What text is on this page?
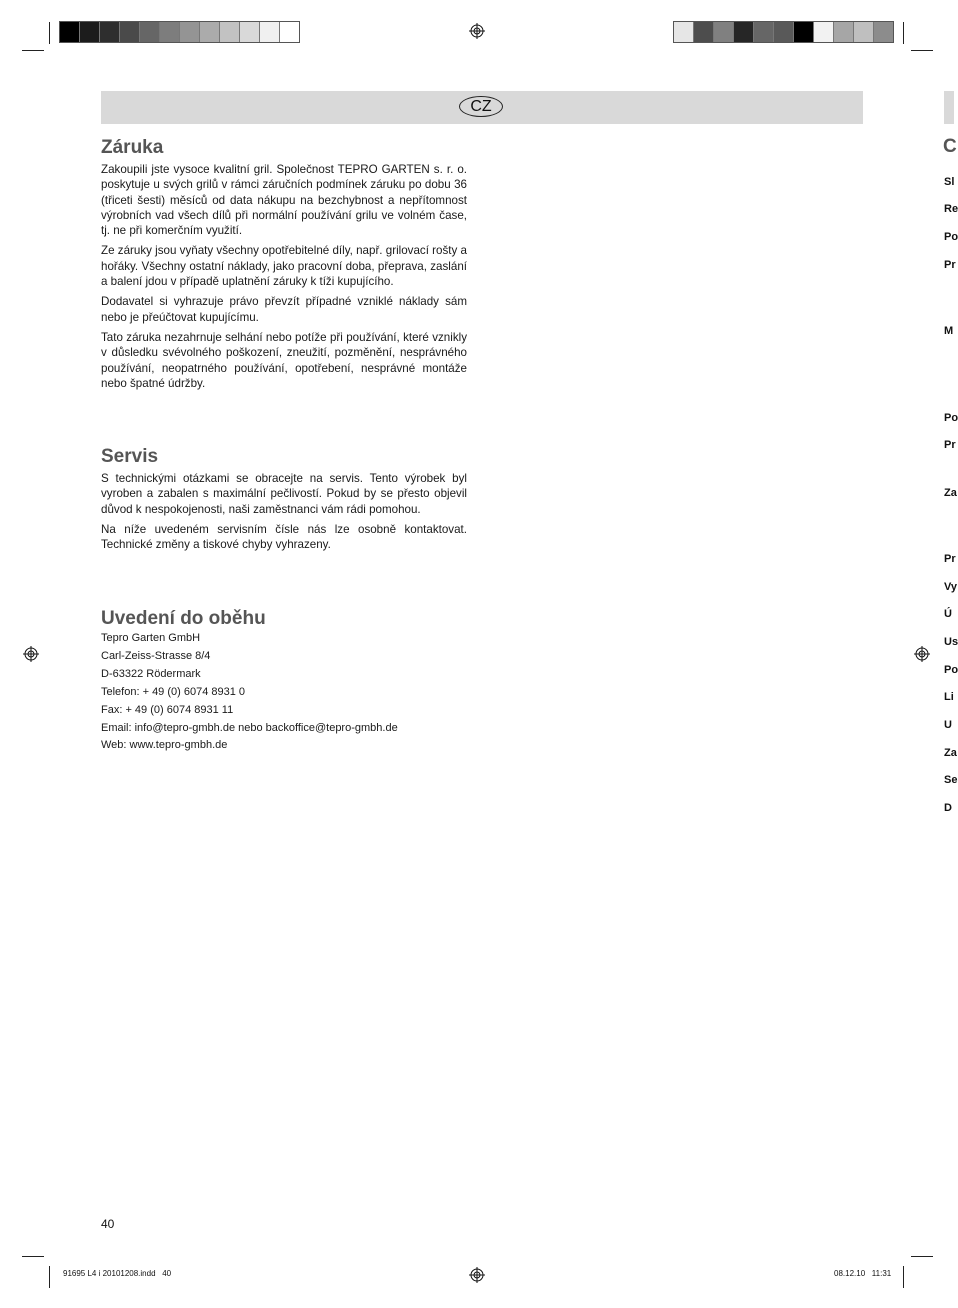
CZ
Záruka

Zakoupili jste vysoce kvalitní gril. Společnost TEPRO GARTEN s. r. o. poskytuje u svých grilů v rámci záručních podmínek záruku po dobu 36 (třiceti šesti) měsíců od data nákupu na bezchybnost a nepřítomnost výrobních vad všech dílů při normální používání grilu ve volném čase, tj. ne při komerčním využití.

Ze záruky jsou vyňaty všechny opotřebitelné díly, např. grilovací rošty a hořáky. Všechny ostatní náklady, jako pracovní doba, přeprava, zaslání a balení jdou v případě uplatnění záruky k tíži kupujícího.

Dodavatel si vyhrazuje právo převzít případné vzniklé náklady sám nebo je přeúčtovat kupujícímu.

Tato záruka nezahrnuje selhání nebo potíže při používání, které vznikly v důsledku svévolného poškození, zneužití, pozměnění, nesprávného používání, neopatrného používání, opotřebení, nesprávné montáže nebo špatné údržby.

Servis

S technickými otázkami se obracejte na servis. Tento výrobek byl vyroben a zabalen s maximální pečlivostí. Pokud by se přesto objevil důvod k nespokojenosti, naši zaměstnanci vám rádi pomohou.

Na níže uvedeném servisním čísle nás lze osobně kontaktovat. Technické změny a tiskové chyby vyhrazeny.

Uvedení do oběhu
Tepro Garten GmbH
Carl-Zeiss-Strasse 8/4
D-63322 Rödermark
Telefon: + 49 (0) 6074 8931 0
Fax: + 49 (0) 6074 8931 11
Email: info@tepro-gmbh.de nebo backoffice@tepro-gmbh.de
Web: www.tepro-gmbh.de
C
Sl
Re
Po
Pr
M
Po
Pr
Za
Pr
Vy
Ú
Us
Po
Li
U
Za
Se
D
40
91695 L4 i 20101208.indd   40	08.12.10   11:31
